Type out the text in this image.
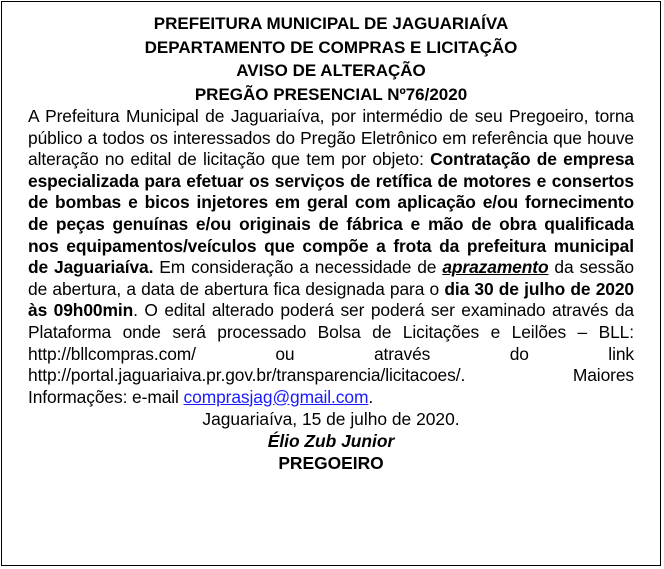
PREFEITURA MUNICIPAL DE JAGUARIAÍVA

DEPARTAMENTO DE COMPRAS E LICITAÇÃO

AVISO DE ALTERAÇÃO

PREGÃO PRESENCIAL Nº76/2020

A Prefeitura Municipal de Jaguariaíva, por intermédio de seu Pregoeiro, torna público a todos os interessados do Pregão Eletrônico em referência que houve alteração no edital de licitação que tem por objeto: Contratação de empresa especializada para efetuar os serviços de retífica de motores e consertos de bombas e bicos injetores em geral com aplicação e/ou fornecimento de peças genuínas e/ou originais de fábrica e mão de obra qualificada nos equipamentos/veículos que compõe a frota da prefeitura municipal de Jaguariaíva. Em consideração a necessidade de aprazamento da sessão de abertura, a data de abertura fica designada para o dia 30 de julho de 2020 às 09h00min. O edital alterado poderá ser poderá ser examinado através da Plataforma onde será processado Bolsa de Licitações e Leilões – BLL: http://bllcompras.com/ ou através do link http://portal.jaguariaiva.pr.gov.br/transparencia/licitacoes/. Maiores Informações: e-mail comprasjag@gmail.com.

Jaguariaíva, 15 de julho de 2020.

Élio Zub Junior

PREGOEIRO
